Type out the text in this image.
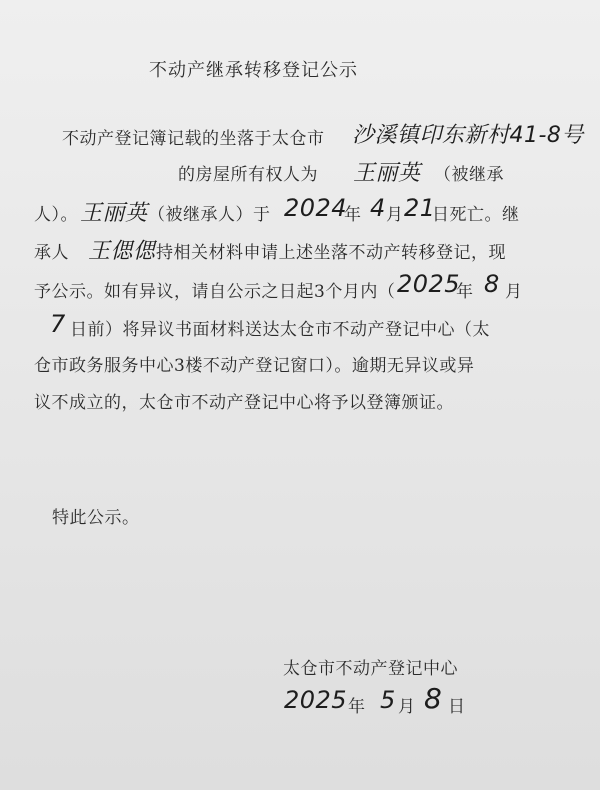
不动产继承转移登记公示
不动产登记簿记载的坐落于太仓市 沙溪镇印东新村41-8号
的房屋所有权人为 王丽英 （被继承
人）。 王丽英 （被继承人）于 2024
年 4 月 21
日死亡。继
承人 王偲偲 持相关材料申请上述坐落不动产转移登记，现
予公示。如有异议，请自公示之日起3个月内（ 2025
年 8 月
7 日前）将异议书面材料送达太仓市不动产登记中心（太
仓市政务服务中心3楼不动产登记窗口）。逾期无异议或异
议不成立的，太仓市不动产登记中心将予以登簿颁证。
特此公示。
太仓市不动产登记中心
2025 年 5 月 8 日
